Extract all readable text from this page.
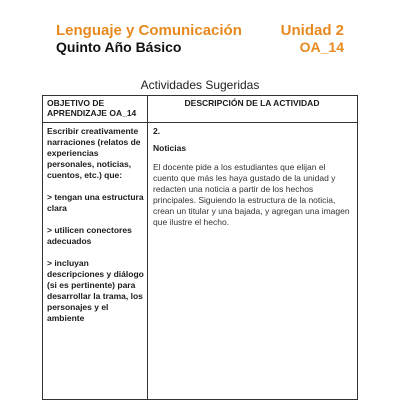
Lenguaje y Comunicación
Quinto Año Básico
Unidad 2
OA_14
Actividades Sugeridas
OBJETIVO DE APRENDIZAJE OA_14
DESCRIPCIÓN DE LA ACTIVIDAD

Escribir creativamente narraciones (relatos de experiencias personales, noticias, cuentos, etc.) que:

> tengan una estructura clara

> utilicen conectores adecuados

> incluyan descripciones y diálogo (si es pertinente) para desarrollar la trama, los personajes y el ambiente

2.

Noticias

El docente pide a los estudiantes que elijan el cuento que más les haya gustado de la unidad y redacten una noticia a partir de los hechos principales. Siguiendo la estructura de la noticia, crean un titular y una bajada, y agregan una imagen que ilustre el hecho.
